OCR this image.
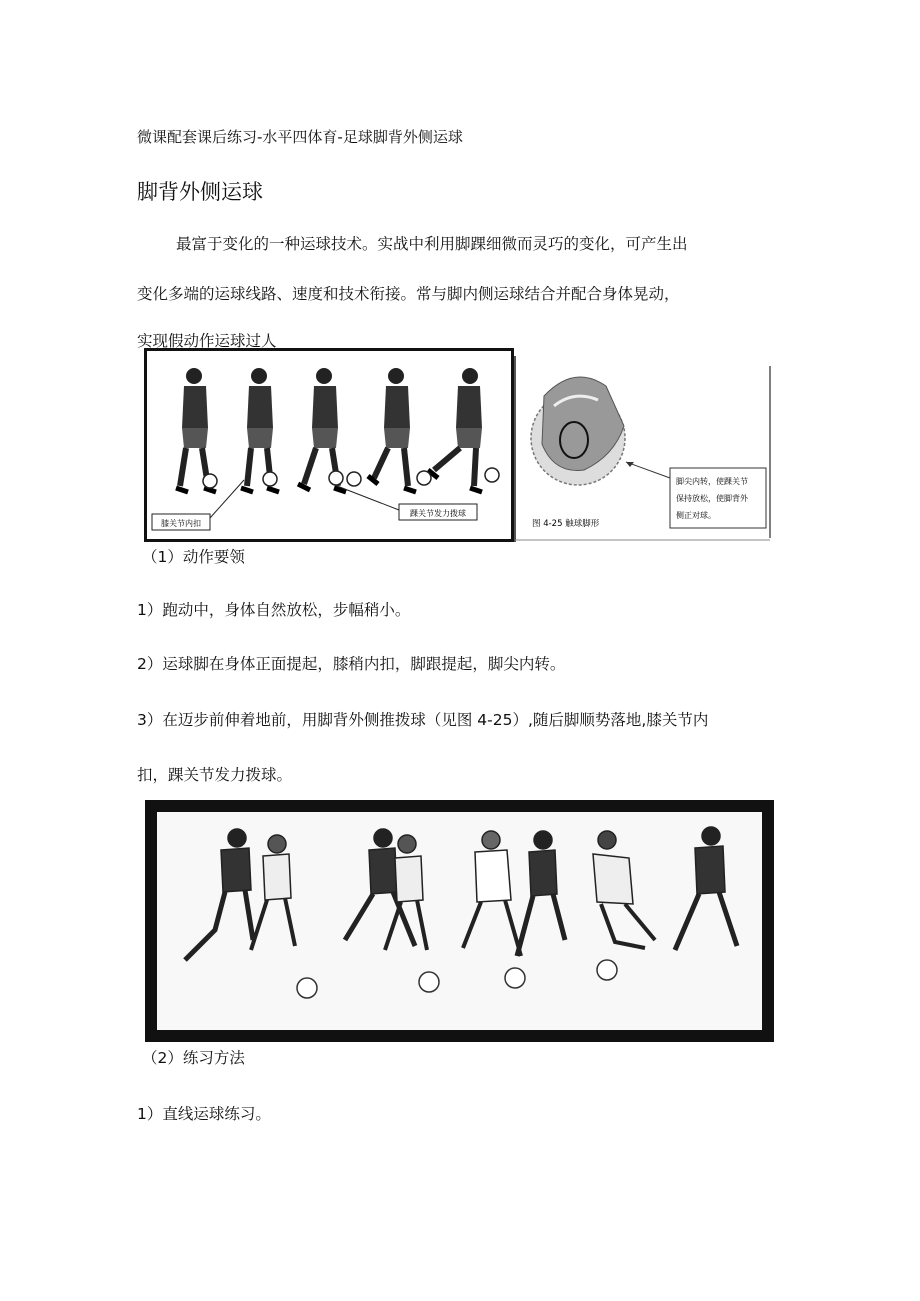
微课配套课后练习-水平四体育-足球脚背外侧运球
脚背外侧运球
最富于变化的一种运球技术。实战中利用脚踝细微而灵巧的变化，可产生出
变化多端的运球线路、速度和技术衔接。常与脚内侧运球结合并配合身体晃动，
实现假动作运球过人
膝关节内扣
踝关节发力拨球
图 4-25 触球脚形
脚尖内转，使踝关节
保持放松，使脚背外
侧正对球。
（1）动作要领
1）跑动中，身体自然放松，步幅稍小。
2）运球脚在身体正面提起，膝稍内扣，脚跟提起，脚尖内转。
3）在迈步前伸着地前，用脚背外侧推拨球（见图 4-25）,随后脚顺势落地,膝关节内
扣，踝关节发力拨球。
（2）练习方法
1）直线运球练习。
